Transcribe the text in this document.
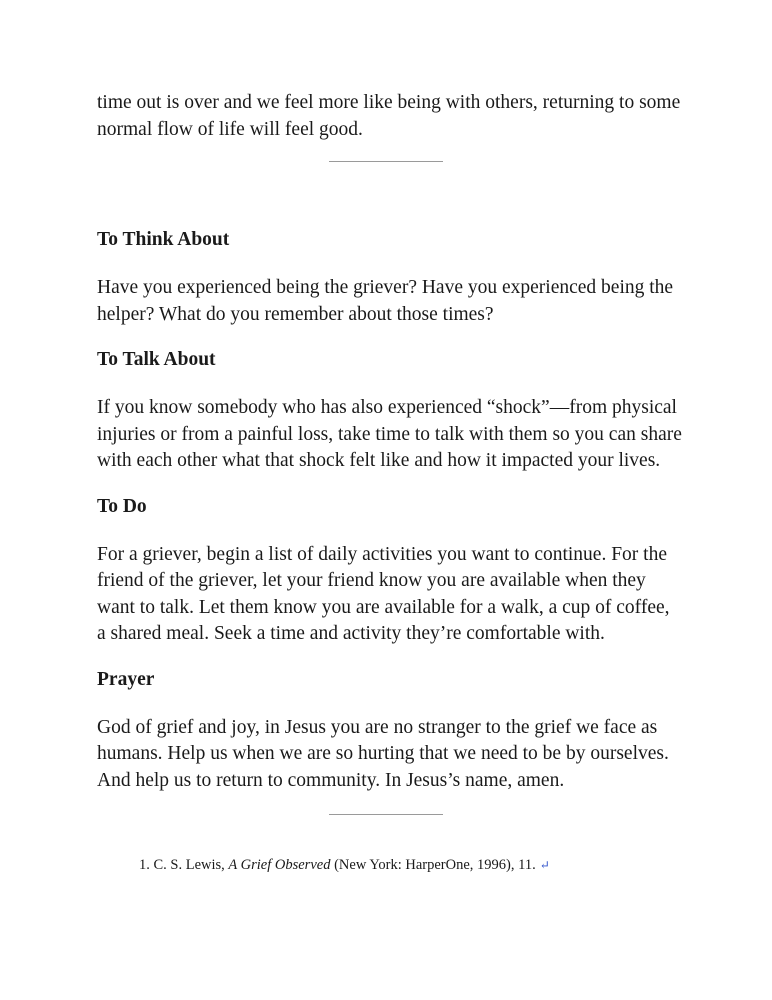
time out is over and we feel more like being with others, returning to some normal flow of life will feel good.

To Think About

Have you experienced being the griever? Have you experienced being the helper? What do you remember about those times?

To Talk About

If you know somebody who has also experienced “shock”—from physical injuries or from a painful loss, take time to talk with them so you can share with each other what that shock felt like and how it impacted your lives.

To Do

For a griever, begin a list of daily activities you want to continue. For the friend of the griever, let your friend know you are available when they want to talk. Let them know you are available for a walk, a cup of coffee, a shared meal. Seek a time and activity they’re comfortable with.

Prayer

God of grief and joy, in Jesus you are no stranger to the grief we face as humans. Help us when we are so hurting that we need to be by ourselves. And help us to return to community. In Jesus’s name, amen.

1. C. S. Lewis, A Grief Observed (New York: HarperOne, 1996), 11. ↵
